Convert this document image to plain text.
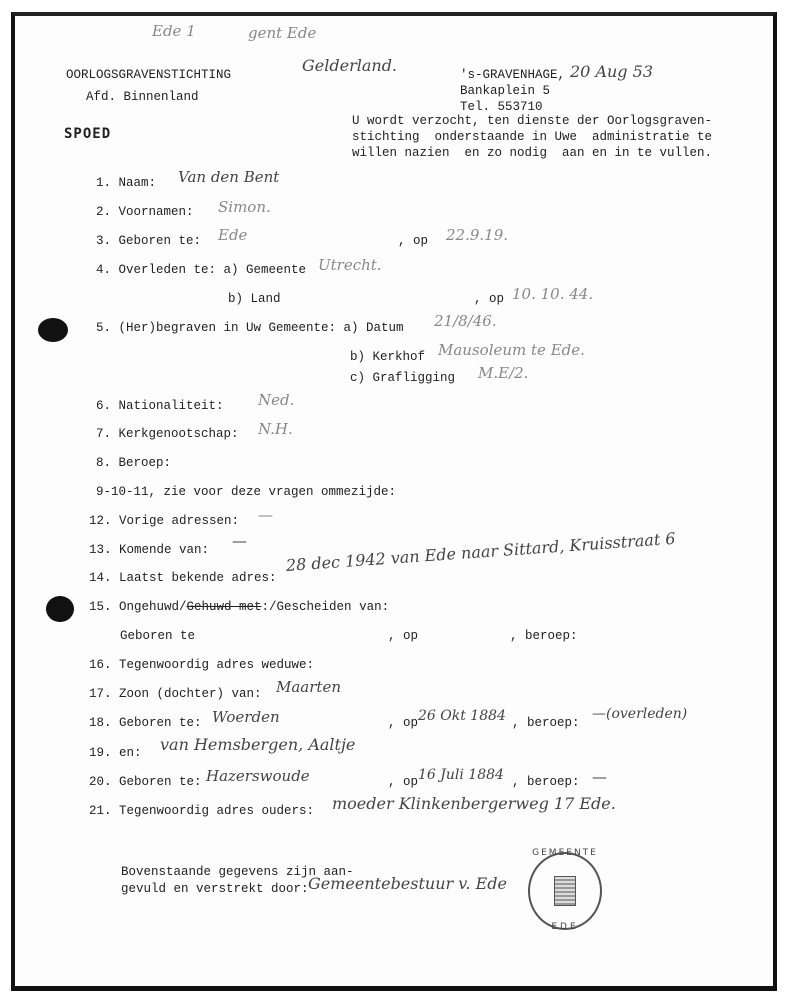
Ede 1	gent Ede
Gelderland.	20 Aug 53
OORLOGSGRAVENSTICHTING
Afd. Binnenland
's-GRAVENHAGE,
Bankaplein 5
Tel. 553710
SPOED
U wordt verzocht, ten dienste der Oorlogsgraven-
stichting  onderstaande in Uwe  administratie te
willen nazien  en zo nodig  aan en in te vullen.
1. Naam: Van den Bent
2. Voornamen: Simon.
3. Geboren te: Ede	, op 22.9.19.
4. Overleden te: a) Gemeente Utrecht.
b) Land	, op 10. 10. 44.
5. (Her)begraven in Uw Gemeente: a) Datum 21/8/46.
b) Kerkhof Mausoleum te Ede.
c) Grafligging M.E/2.
6. Nationaliteit: Ned.
7. Kerkgenootschap: N.H.
8. Beroep:
9-10-11, zie voor deze vragen ommezijde:
12. Vorige adressen: —
13. Komende van: —
14. Laatst bekende adres:
28 dec 1942 van Ede naar Sittard, Kruisstraat 6
15. Ongehuwd/Gehuwd met:/Gescheiden van:
Geboren te	, op	, beroep:
16. Tegenwoordig adres weduwe:
17. Zoon (dochter) van: Maarten
18. Geboren te: Woerden	, op 26 Okt 1884 , beroep:
—(overleden)
19. en: van Hemsbergen, Aaltje
20. Geboren te: Hazerswoude	, op 16 Juli 1884 , beroep: —
21. Tegenwoordig adres ouders: moeder Klinkenbergerweg 17 Ede.
Bovenstaande gegevens zijn aan-
gevuld en verstrekt door: Gemeentebestuur v. Ede
GEMEENTE
EDE
